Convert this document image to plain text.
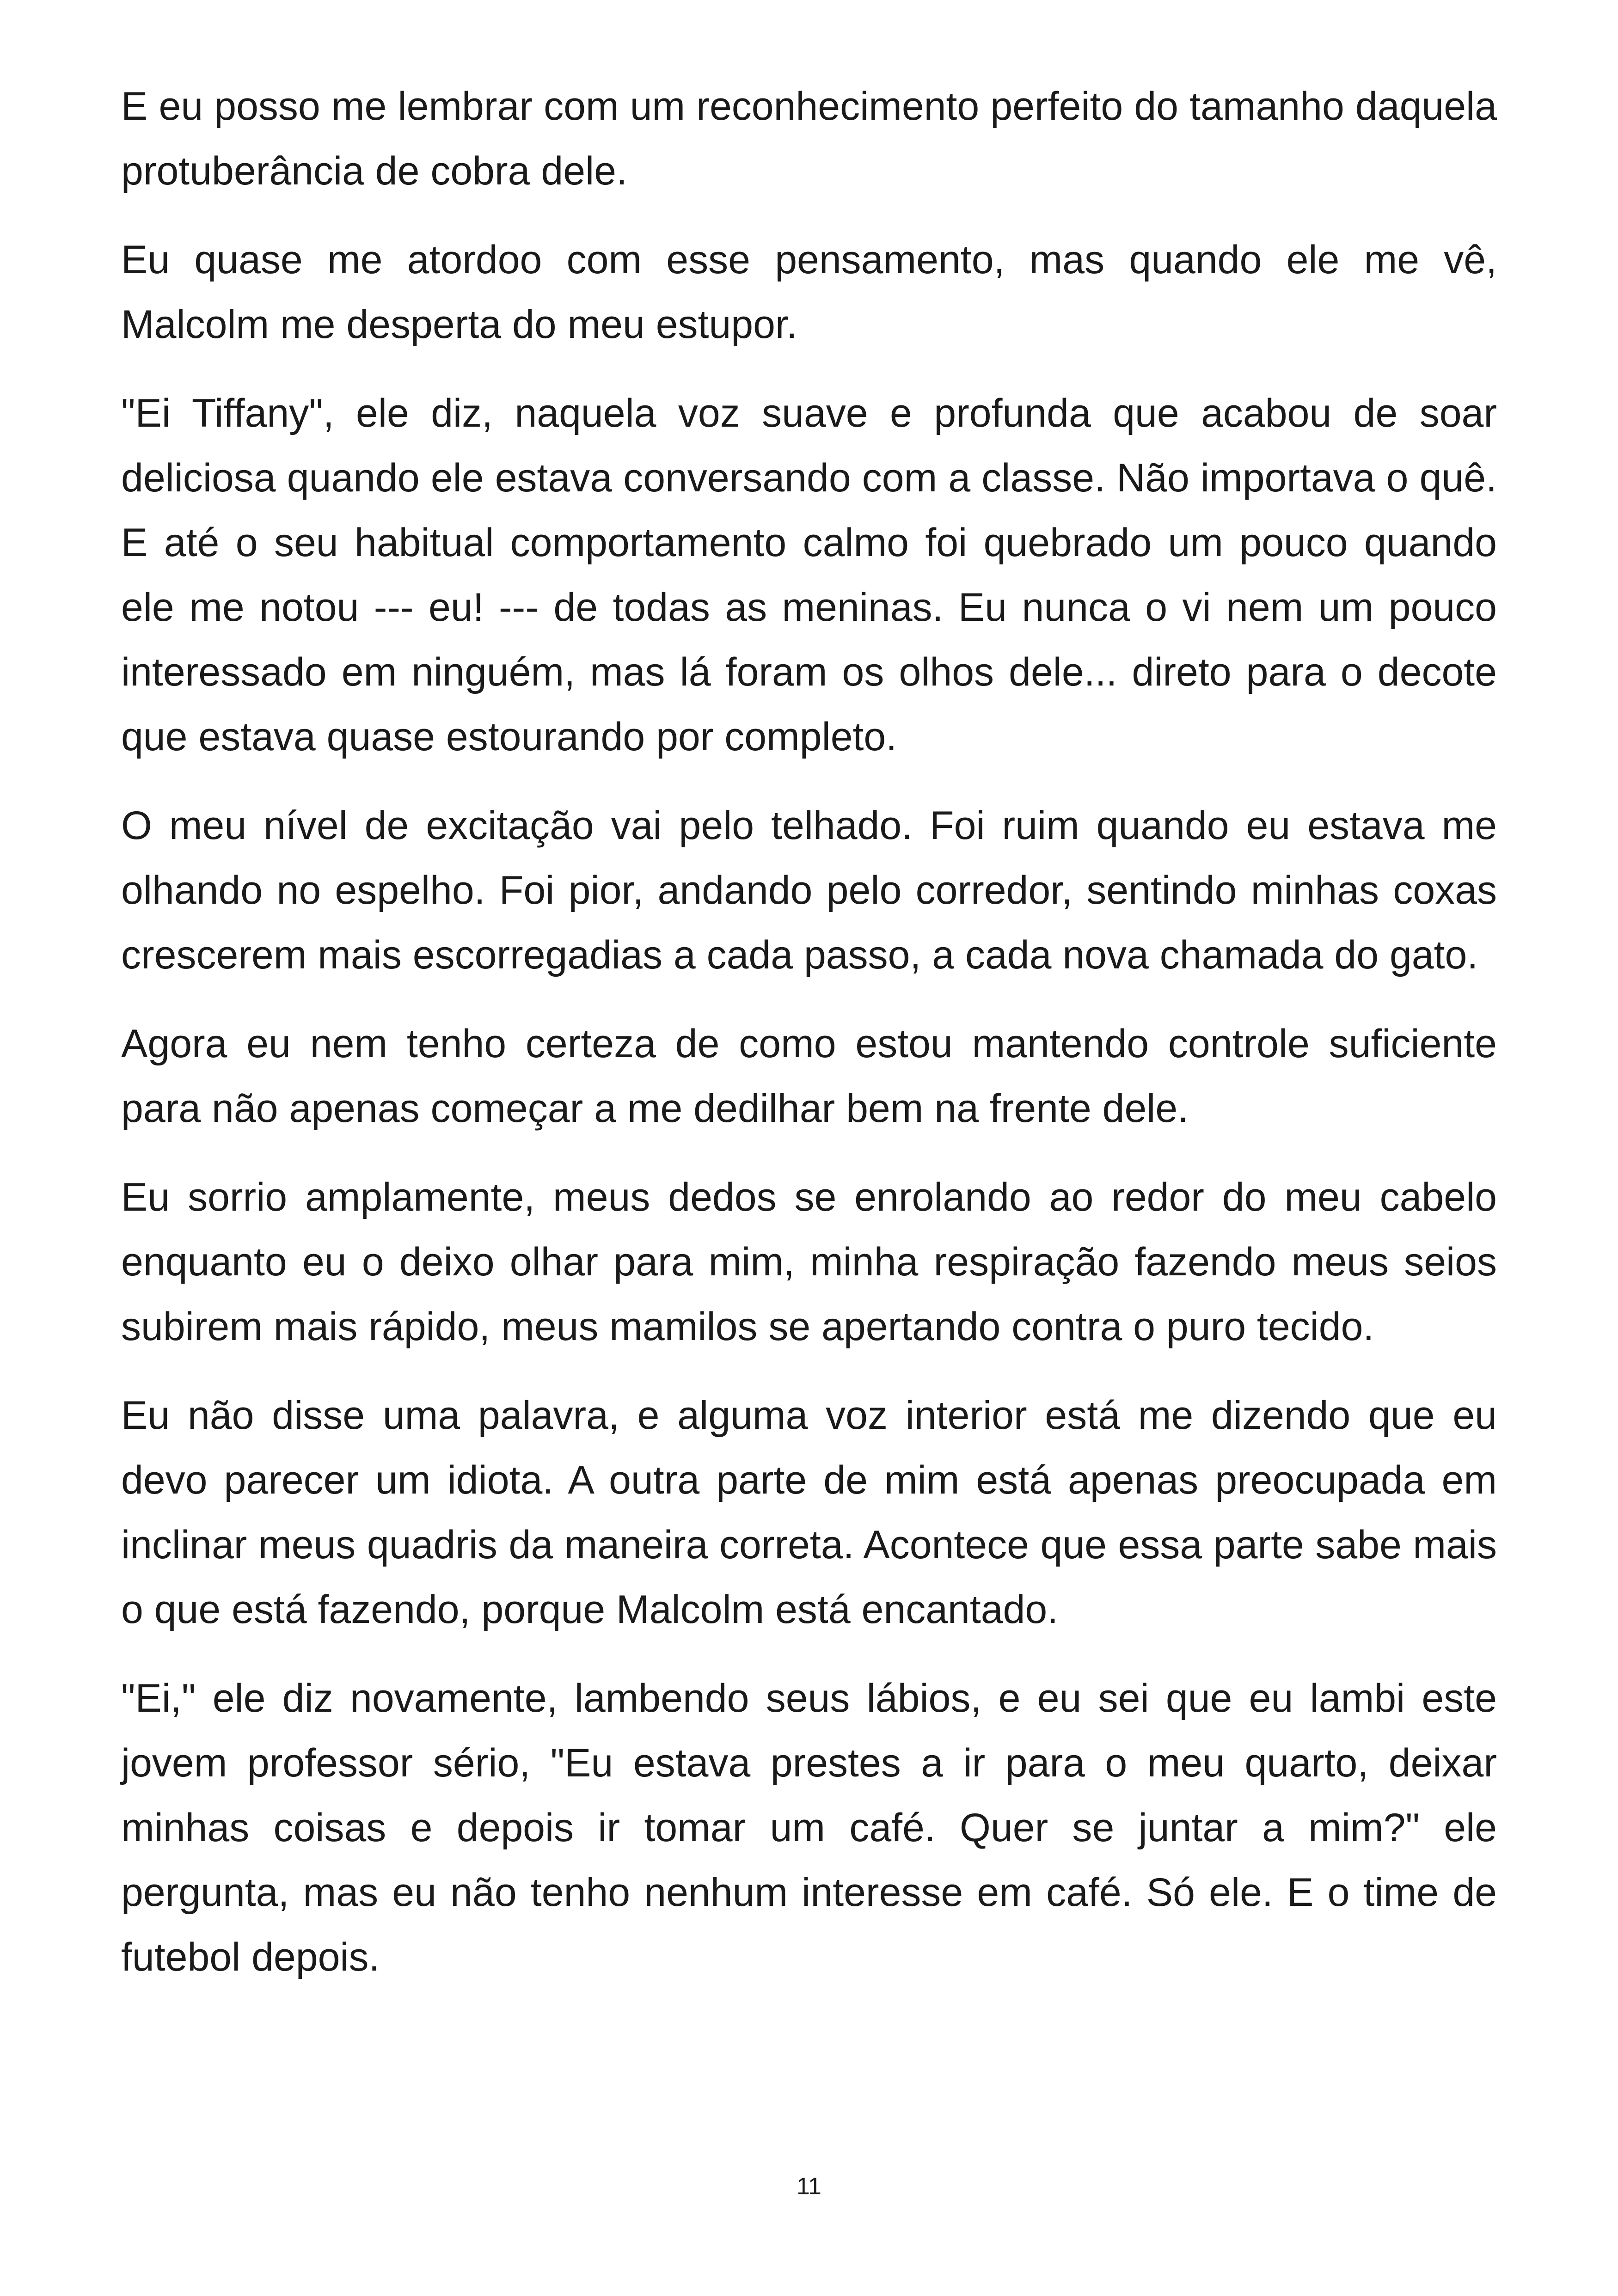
E eu posso me lembrar com um reconhecimento perfeito do tamanho daquela protuberância de cobra dele.

Eu quase me atordoo com esse pensamento, mas quando ele me vê, Malcolm me desperta do meu estupor.

"Ei Tiffany", ele diz, naquela voz suave e profunda que acabou de soar deliciosa quando ele estava conversando com a classe. Não importava o quê. E até o seu habitual comportamento calmo foi quebrado um pouco quando ele me notou --- eu! --- de todas as meninas. Eu nunca o vi nem um pouco interessado em ninguém, mas lá foram os olhos dele... direto para o decote que estava quase estourando por completo.

O meu nível de excitação vai pelo telhado. Foi ruim quando eu estava me olhando no espelho. Foi pior, andando pelo corredor, sentindo minhas coxas crescerem mais escorregadias a cada passo, a cada nova chamada do gato.

Agora eu nem tenho certeza de como estou mantendo controle suficiente para não apenas começar a me dedilhar bem na frente dele.

Eu sorrio amplamente, meus dedos se enrolando ao redor do meu cabelo enquanto eu o deixo olhar para mim, minha respiração fazendo meus seios subirem mais rápido, meus mamilos se apertando contra o puro tecido.

Eu não disse uma palavra, e alguma voz interior está me dizendo que eu devo parecer um idiota. A outra parte de mim está apenas preocupada em inclinar meus quadris da maneira correta. Acontece que essa parte sabe mais o que está fazendo, porque Malcolm está encantado.

"Ei," ele diz novamente, lambendo seus lábios, e eu sei que eu lambi este jovem professor sério, "Eu estava prestes a ir para o meu quarto, deixar minhas coisas e depois ir tomar um café. Quer se juntar a mim?" ele pergunta, mas eu não tenho nenhum interesse em café. Só ele. E o time de futebol depois.

11
